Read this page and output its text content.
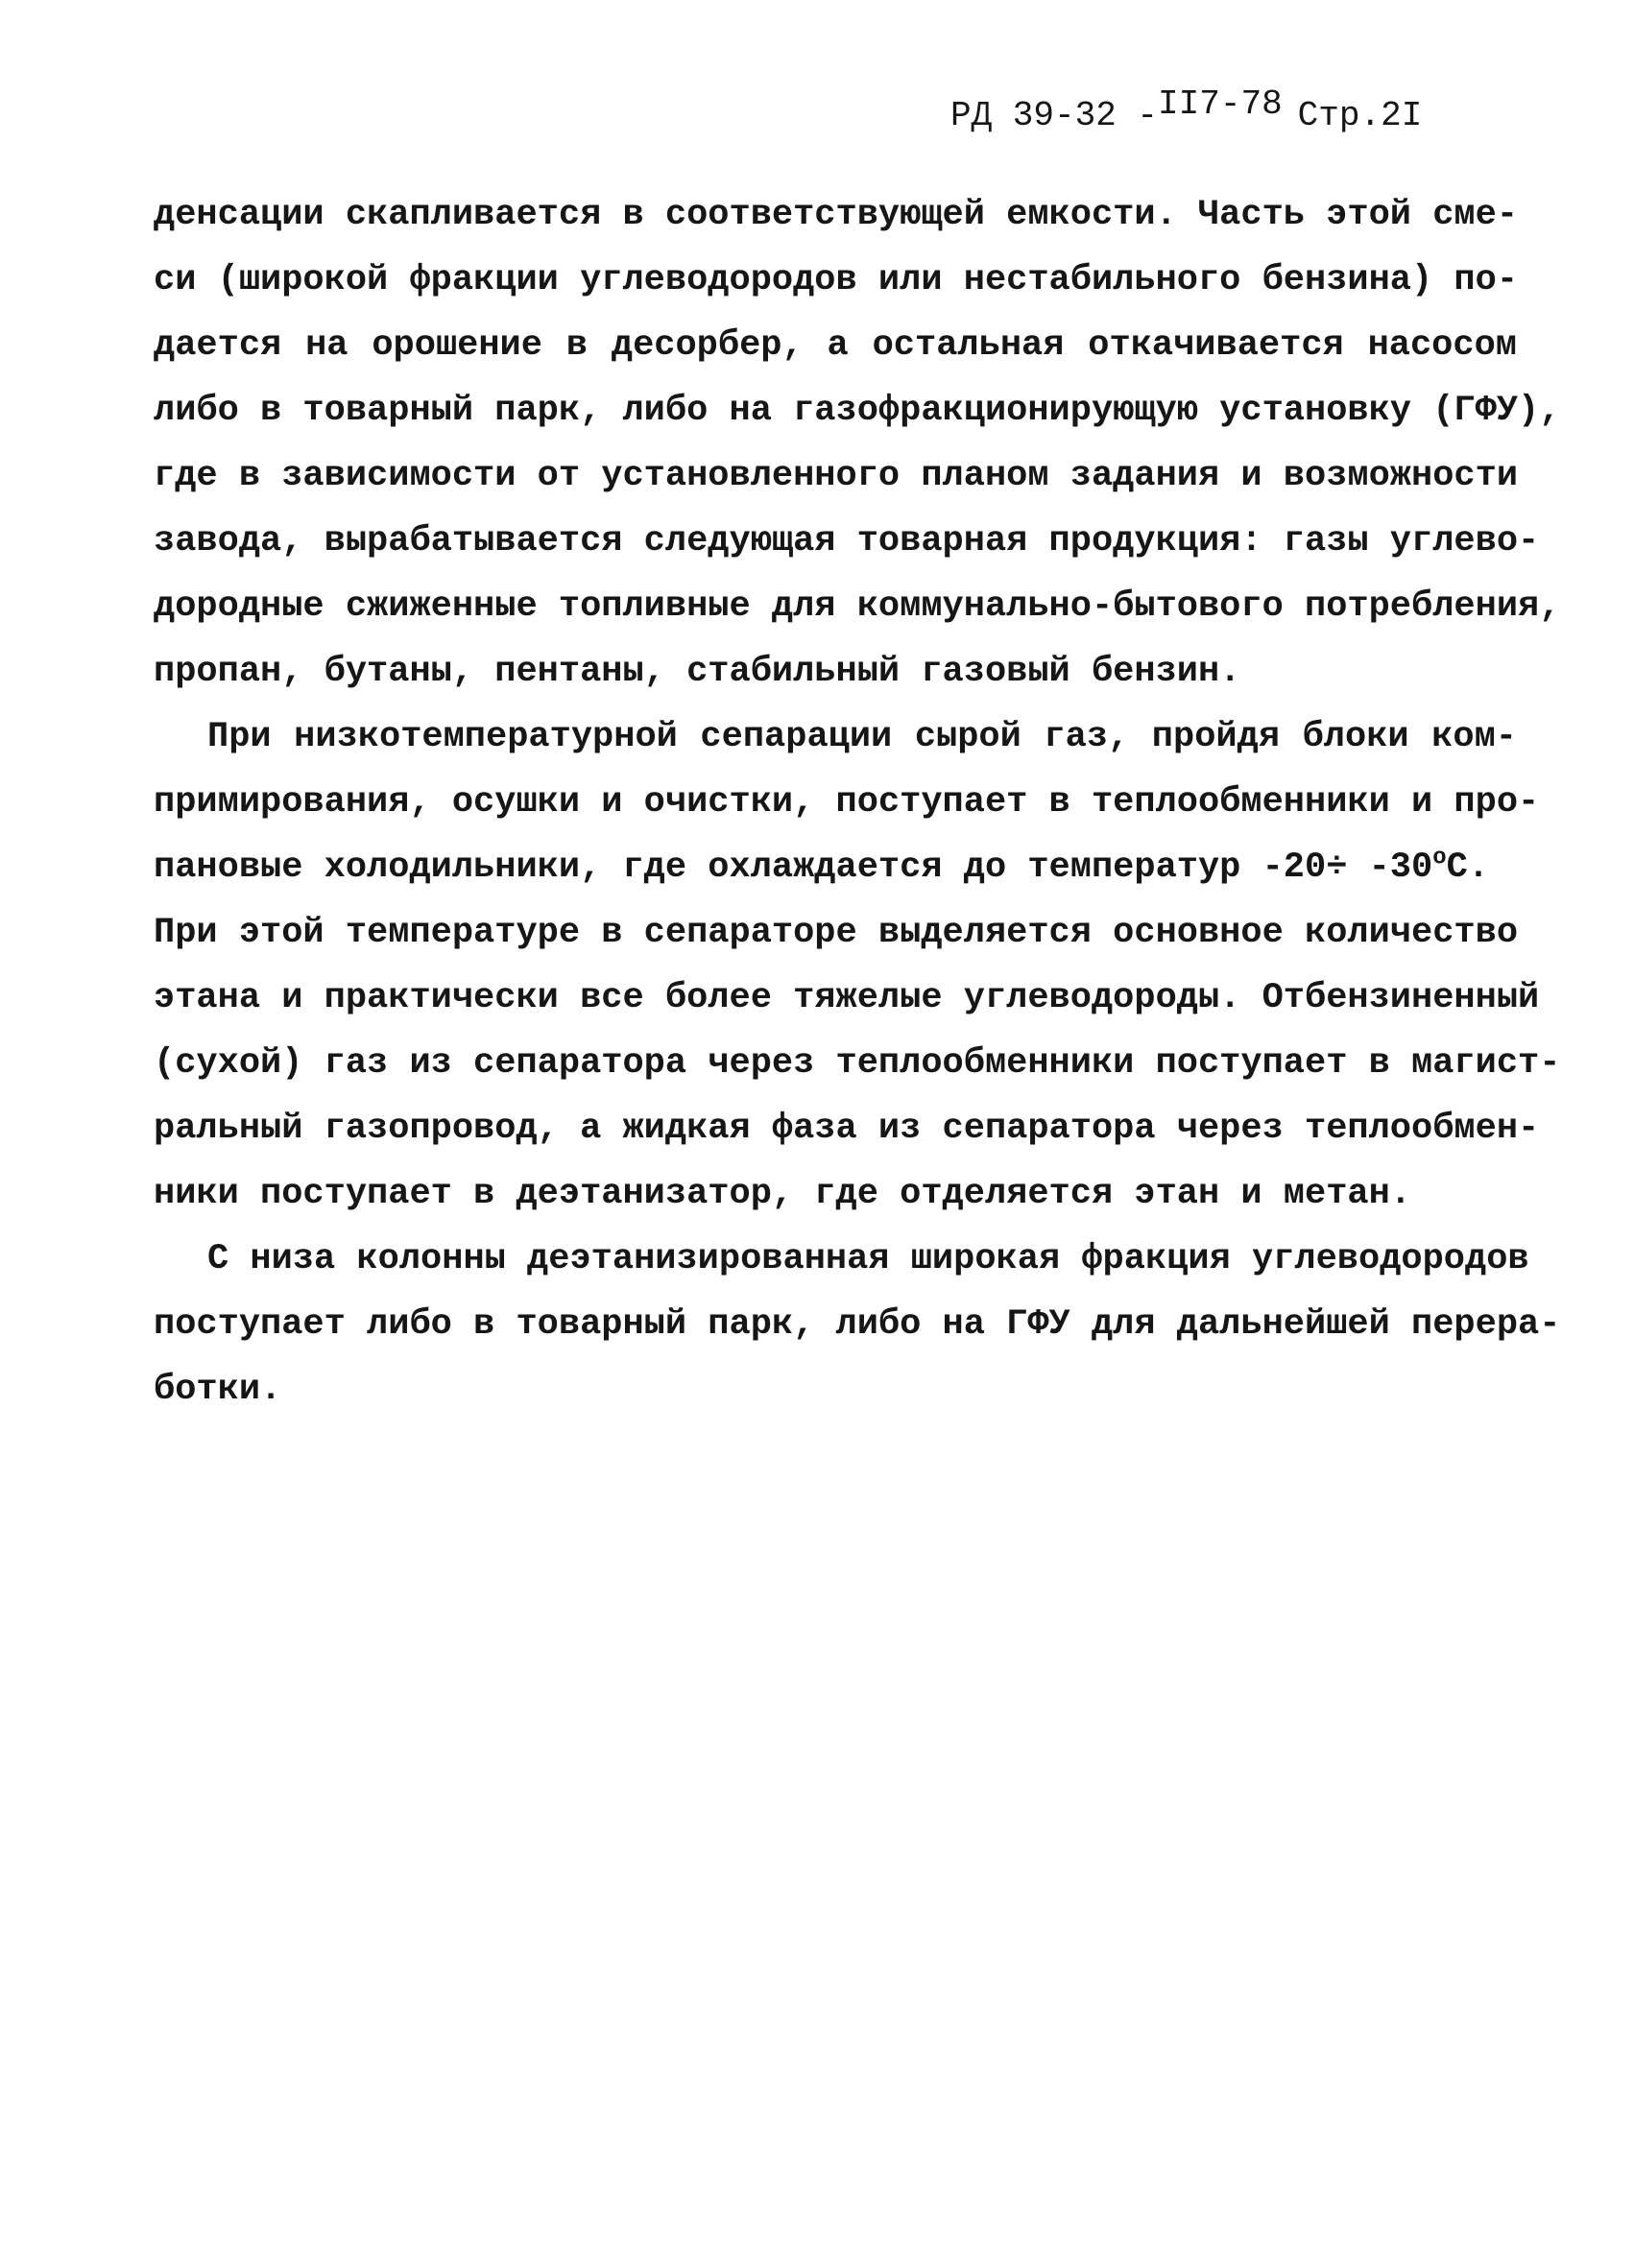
РД 39-32 -II7-78 Стр.2I
денсации скапливается в соответствующей емкости. Часть этой сме-
си (широкой фракции углеводородов или нестабильного бензина) по-
дается на орошение в десорбер, а остальная откачивается насосом
либо в товарный парк, либо на газофракционирующую установку (ГФУ),
где в зависимости от установленного планом задания и возможности
завода, вырабатывается следующая товарная продукция: газы углево-
дородные сжиженные топливные для коммунально-бытового потребления,
пропан, бутаны, пентаны, стабильный газовый бензин.
При низкотемпературной сепарации сырой газ, пройдя блоки ком-
примирования, осушки и очистки, поступает в теплообменники и про-
пановые холодильники, где охлаждается до температур $-20\div -30^оС$.
При этой температуре в сепараторе выделяется основное количество
этана и практически все более тяжелые углеводороды. Отбензиненный
(сухой) газ из сепаратора через теплообменники поступает в магист-
ральный газопровод, а жидкая фаза из сепаратора через теплообмен-
ники поступает в деэтанизатор, где отделяется этан и метан.
С низа колонны деэтанизированная широкая фракция углеводородов
поступает либо в товарный парк, либо на ГФУ для дальнейшей перера-
ботки.
